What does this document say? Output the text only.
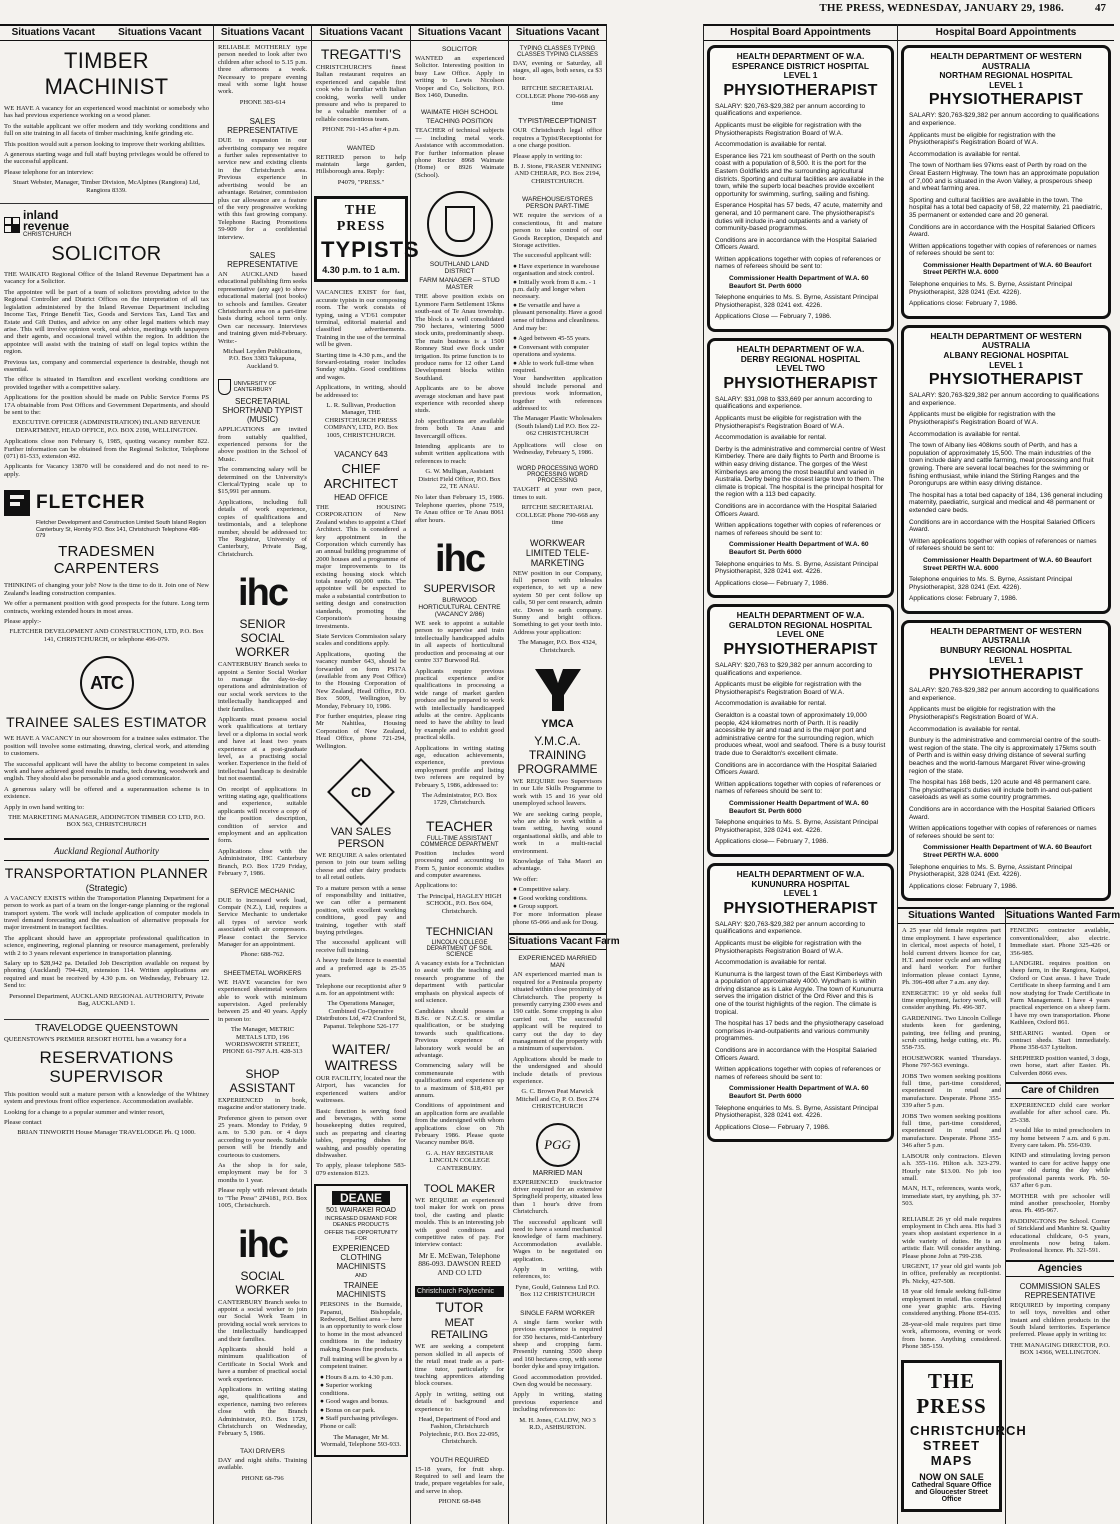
THE PRESS, WEDNESDAY, JANUARY 29, 1986.	47
Situations Vacant	Situations Vacant
TIMBER MACHINIST

WE HAVE A vacancy for an experienced wood machinist or somebody who has had previous experience working on a wood planer.

To the suitable applicant we offer modern and tidy working conditions and full on site training in all facets of timber machining, knife grinding etc.

This position would suit a person looking to improve their working abilities.

A generous starting wage and full staff buying privileges would be offered to the successful applicant.

Please telephone for an interview:

Stuart Webster, Manager, Timber Division, McAlpines (Rangiora) Ltd, Rangiora 8339.
inland
revenue
CHRISTCHURCH
SOLICITOR

THE WAIKATO Regional Office of the Inland Revenue Department has a vacancy for a Solicitor.

The appointee will be part of a team of solicitors providing advice to the Regional Controller and District Offices on the interpretation of all tax legislation administered by the Inland Revenue Department including Income Tax, Fringe Benefit Tax, Goods and Services Tax, Land Tax and Estate and Gift Duties, and advice on any other legal matters which may arise. This will involve opinion work, oral advice, meetings with taxpayers and their agents, and occasional travel within the region. In addition the appointee will assist with the training of staff on legal topics within the region.

Previous tax, company and commercial experience is desirable, though not essential.

The office is situated in Hamilton and excellent working conditions are provided together with a competitive salary.

Applications for the position should be made on Public Service Forms PS 17A obtainable from Post Offices and Government Departments, and should be sent to the:

EXECUTIVE OFFICER (ADMINISTRATION) INLAND REVENUE DEPARTMENT, HEAD OFFICE, P.O. BOX 2198, WELLINGTON.

Applications close non February 6, 1985, quoting vacancy number 822. Further information can be obtained from the Regional Solicitor, Telephone (071) 81-533, extension 492.

Applicants for Vacancy 13870 will be considered and do not need to re-apply.

FLETCHER
Fletcher Development and Construction Limited South Island Region Canterbury St, Hornby P.O. Box 141, Christchurch Telephone 496-079
TRADESMEN CARPENTERS

THINKING of changing your job? Now is the time to do it. Join one of New Zealand's leading construction companies.

We offer a permanent position with good prospects for the future. Long term contracts, working extended hours in most areas.

Please apply:-

FLETCHER DEVELOPMENT AND CONSTRUCTION, LTD, P.O. Box 141, CHRISTCHURCH, or telephone 496-079.
ATC
TRAINEE SALES ESTIMATOR

WE HAVE A VACANCY in our showroom for a trainee sales estimator. The position will involve some estimating, drawing, clerical work, and attending to customers.

The successful applicant will have the ability to become competent in sales work and have achieved good results in maths, tech drawing, woodwork and english. They should also be personable and a good communicator.

A generous salary will be offered and a superannuation scheme is in existence.

Apply in own hand writing to:

THE MARKETING MANAGER, ADDINGTON TIMBER CO LTD, P.O. BOX 563, CHRISTCHURCH
Auckland Regional Authority
TRANSPORTATION PLANNER
(Strategic)

A VACANCY EXISTS within the Transportation Planning Department for a person to work as part of a team on the longer-range planning or the regional transport system. The work will include application of computer models in travel demand forecasting and the evaluation of alternative proposals for major investment in transport facilities.

The applicant should have an appropriate professional qualification in science, engineering, regional planning or resource management, preferably with 2 to 3 years relevant experience in transportation planning.

Salary up to $28,942 pa. Detailed Job Description available on request by phoning (Auckland) 794-420, extension 114. Written applications are required and must be received by 4.30 p.m. on Wednesday, February 12. Send to:

Personnel Department, AUCKLAND REGIONAL AUTHORITY, Private Bag, AUCKLAND 1.
TRAVELODGE QUEENSTOWN

QUEENSTOWN'S PREMIER RESORT HOTEL has a vacancy for a

RESERVATIONS SUPERVISOR

This position would suit a mature person with a knowledge of the Whitney system and previous front office experience. Accommodation available.

Looking for a change to a popular summer and winter resort,

Please contact

BRIAN TINWORTH House Manager TRAVELODGE Ph. Q 1000.
Situations Vacant

RELIABLE MOTHERLY type person needed to look after two children after school to 5.15 p.m. three afternoons a week. Necessary to prepare evening meal with some light house work.

PHONE 383-614
SALES REPRESENTATIVE

DUE to expansion in our advertising company we require a further sales representative to service new and existing clients in the Christchurch area. Previous experience in advertising would be an advantage. Retainer, commission plus car allowance are a feature of the very progressive working with this fast growing company. Telephone Racing Promotions 59-909 for a confidential interview.

SALES REPRESENTATIVE

AN AUCKLAND based educational publishing firm seeks representative (any age) to show educational material (not books) to schools and families. Greater Christchurch area on a part-time basis during school term only. Own car necessary. Interviews and training given mid-February. Write:-

Michael Leyden Publications, P.O. Box 3383 Takapuna, Auckland 9.
UNIVERSITY OF CANTERBURY
SECRETARIAL SHORTHAND TYPIST (MUSIC)

APPLICATIONS are invited from suitably qualified, experienced persons for the above position in the School of Music.

The commencing salary will be determined on the University's Clerical/Typing scale up to $15,991 per annum.

Applications, including full details of work experience, copies of qualifications and testimonials, and a telephone number, should be addressed to: The Registrar, University of Canterbury, Private Bag, Christchurch.

ihc
SENIOR SOCIAL WORKER

CANTERBURY Branch seeks to appoint a Senior Social Worker to manage the day-to-day operations and administration of our social work services to the intellectually handicapped and their families.

Applicants must possess social work qualifications at tertiary level or a diploma in social work and have at least two years experience at a post-graduate level, as a practising social worker. Experience in the field of intellectual handicap is desirable but not essential.

On receipt of applications in writing stating age, qualifications and experience, suitable applicants will receive a copy of the position description, condition of service and employment and an application form.

Applications close with the Administrator, IHC Canterbury Branch, P.O. Box 1729 Friday, February 7, 1986.

SERVICE MECHANIC

DUE to increased work load, Compair (N.Z.), Ltd, requires a Service Mechanic to undertake all types of service work associated with air compressors. Please contact the Service Manager for an appointment.

Phone: 688-762.
SHEETMETAL WORKERS

WE HAVE vacancies for two experienced sheetmetal workers able to work with minimum supervision. Aged preferably between 25 and 40 years. Apply in person to:

The Manager, METRIC METALS LTD, 196 WORDSWORTH STREET, PHONE 61-797 A.H. 428-313
SHOP ASSISTANT

EXPERIENCED in book, magazine and/or stationery trade.

Preference given to person over 25 years. Monday to Friday, 9 a.m. to 5.30 p.m. or 4 days according to your needs. Suitable person will be friendly and courteous to customers.

As the shop is for sale, employment may be for 3 months to 1 year.

Please reply with relevant details to "The Press" 2P4181, P.O. Box 1005, Christchurch.

ihc
SOCIAL WORKER

CANTERBURY Branch seeks to appoint a social worker to join our Social Work Team in providing social work services to the intellectually handicapped and their families.

Applicants should hold a minimum qualification of Certificate in Social Work and have a number of practical social work experience.

Applications in writing stating age, qualifications and experience, naming two referees close with the Branch Administrator, P.O. Box 1729, Christchurch on Wednesday, February 5, 1986.

TAXI DRIVERS

DAY and night shifts. Training available.

PHONE 68-796
Situations Vacant
TREGATTI'S

CHRISTCHURCH'S finest Italian restaurant requires an experienced and capable first cook who is familiar with Italian cooking, works well under pressure and who is prepared to be a valuable member of a reliable conscientious team.

PHONE 791-145 after 4 p.m.
WANTED

RETIRED person to help maintain large garden, Hillsborough area. Reply:

P4079, "PRESS."
THE PRESS
TYPISTS
4.30 p.m. to 1 a.m.

VACANCIES EXIST for fast, accurate typists in our composing room. The work consists of typing, using a VT/61 computer terminal, editorial material and classified advertisements. Training in the use of the terminal will be given.

Starting time is 4.30 p.m., and the forward-rotating roster includes Sunday nights. Good conditions and wages.

Applications, in writing, should be addressed to:

L. R. Sullivan, Production Manager, THE CHRISTCHURCH PRESS COMPANY, LTD, P.O. Box 1005, CHRISTCHURCH.
VACANCY 643
CHIEF ARCHITECT
HEAD OFFICE

THE HOUSING CORPORATION of New Zealand wishes to appoint a Chief Architect. This is considered a key appointment in the Corporation which currently has an annual building programme of 2000 houses and a programme of major improvements to its existing housing stock which totals nearly 60,000 units. The appointee will be expected to make a substantial contribution to setting design and construction standards, promoting the Corporation's housing investments.

State Services Commission salary scales and conditions apply.

Applications, quoting the vacancy number 643, should be forwarded on form PS17A (available from any Post Office) to the Housing Corporation of New Zealand, Head Office, P.O. Box 5009, Wellington, by Monday, February 10, 1986.

For further enquiries, please ring Mr Nahitlea, Housing Corporation of New Zealand, Head Office, phone 721-294, Wellington.

CD
VAN SALES PERSON

WE REQUIRE A sales orientated person to join our team selling cheese and other dairy products to all retail outlets.

To a mature person with a sense of responsibility and initiative, we can offer a permanent position, with excellent working conditions, good pay and training, together with staff buying privileges.

The successful applicant will receive full training.

A heavy trade licence is essential and a preferred age is 25-35 years.

Telephone our receptionist after 9 a.m. for an appointment with:

The Operations Manager, Combined Co-Operative Distributors Ltd, 472 Cranford St, Papanui. Telephone 526-177
WAITER/ WAITRESS

OUR FACILITY, located near the Airport, has vacancies for experienced waiters and/or waitresses.

Basic function is serving food and beverages, with some housekeeping duties required, such as preparing and clearing tables, preparing dishes for washing, and possibly operating dishwasher.

To apply, please telephone 583-079 extension 8123.

DEANE
501 WAIRAKEI ROAD
INCREASED DEMAND FOR DEANES PRODUCTS
OFFER THE OPPORTUNITY FOR
EXPERIENCED CLOTHING MACHINISTS
AND
TRAINEE MACHINISTS

PERSONS in the Burnside, Papanui, Bishopdale, Redwood, Belfast area — here is an opportunity to work close to home in the most advanced conditions in the industry making Deanes fine products.

Full training will be given by a competent trainer.

● Hours 8 a.m. to 4.30 p.m.
● Superior working conditions.
● Good wages and bonus.
● Bonus on car park.
● Staff purchasing privileges.

Phone or call:

The Manager, Mr M. Wormald, Telephone 593-933.
Situations Vacant
SOLICITOR

WANTED an experienced Solicitor. Interesting position in busy Law Office. Apply in writing to Lewis Nicolson Vooper and Co, Solicitors, P.O. Box 1460, Dunedin.

WAIMATE HIGH SCHOOL
TEACHING POSITION

TEACHER of technical subjects — including metal work. Assistance with accommodation. For further information please phone Rector 8968 Waimate (Home) or 8926 Waimate (School).

SOUTHLAND LAND DISTRICT
FARM MANAGER — STUD MASTER

THE above position exists on Lynmore Farm Settlement 15kms south-east of Te Anau township. The block is a well consolidated 790 hectares, wintering 5000 stock units, predominantly sheep. The main business is a 1500 Romney Stud ewe flock under irrigation. Its prime function is to produce rams for 12 other Land Development blocks within Southland.

Applicants are to be above average stockman and have past experience with recorded sheep studs.

Job specifications are available from both Te Anau and Invercargill offices.

Intending applicants are to submit written applications with references to reach:

G. W. Mulligan, Assistant District Field Officer, P.O. Box 22, TE ANAU.

No later than February 15, 1986. Telephone queries, phone 7519, Te Anau office or Te Anau 8061 after hours.

ihc
SUPERVISOR
BURWOOD HORTICULTURAL CENTRE (VACANCY 2/86)

WE seek to appoint a suitable person to supervise and train intellectually handicapped adults in all aspects of horticultural production and processing at our centre 337 Burwood Rd.

Applicants require previous practical experience and/or qualifications in processing a wide range of market garden produce and be prepared to work with intellectually handicapped adults at the centre. Applicants need to have the ability to lead by example and to exhibit good practical skills.

Applications in writing stating age, education achievements, experience, previous employment profile and listing two referees are required by February 5, 1986, addressed to:

The Administrator, P.O. Box 1729, Christchurch.
TEACHER
FULL-TIME ASSISTANT COMMERCE DEPARTMENT

Position includes word processing and accounting to Form 5, junior economic studies and computer awareness.

Applications to:

The Principal, HAGLEY HIGH SCHOOL, P.O. Box 604, Christchurch.
TECHNICIAN
LINCOLN COLLEGE DEPARTMENT OF SOIL SCIENCE

A vacancy exists for a Technician to assist with the teaching and research programme of the department with particular emphasis on physical aspects of soil science.

Candidates should possess a B.Sc. or N.Z.C.S. or similar qualification, or be studying towards such qualifications. Previous experience of laboratory work would be an advantage.

Commencing salary will be commensurate with qualifications and experience up to a maximum of $18,491 per annum.

Conditions of appointment and an application form are available from the undersigned with whom applications close on 7th February 1986. Please quote Vacancy number 86/8.

G. A. HAY REGISTRAR LINCOLN COLLEGE CANTERBURY.
TOOL MAKER

WE REQUIRE an experienced tool maker for work on press tool, die casting and plastic moulds. This is an interesting job with good conditions and competitive rates of pay. For interview contact:

Mr E. McEwan, Telephone 886-093. DAWSON REED AND CO LTD
Christchurch Polytechnic
TUTOR
MEAT RETAILING

WE are seeking a competent person skilled in all aspects of the retail meat trade as a part-time tutor, particularly for teaching apprentices attending block courses.

Apply in writing, setting out details of background and experience to:

Head, Department of Food and Fashion, Christchurch Polytechnic, P.O. Box 22-095, Christchurch.
YOUTH REQUIRED

15-18 years, for fruit shop. Required to sell and learn the trade, prepare vegetables for sale, and serve in shop.

PHONE 68-848
Situations Vacant
TYPING CLASSES TYPING CLASSES TYPING CLASSES

DAY, evening or Saturday, all stages, all ages, both sexes, ca $3 hour.

RITCHIE SECRETARIAL COLLEGE Phone 790-668 any time
TYPIST/RECEPTIONIST

OUR Christchurch legal office requires a Typist/Receptionist for a one charge position.

Please apply in writing to:

B. J. Stone, FRASER VENNING AND CHERAR, P.O. Box 2194, CHRISTCHURCH.
WAREHOUSE/STORES PERSON PART-TIME

WE require the services of a conscientious, fit and mature person to take control of our Goods Reception, Despatch and Storage activities.

The successful applicant will:

● Have experience in warehouse organisation and stock control.
● Initially work from 8 a.m. - 1 p.m. daily and longer when necessary.
● Be versatile and have a pleasant personality. Have a good sense of tidiness and cleanliness.

And may be:

● Aged between 45-55 years.
● Conversant with computer operations and systems.
● Able to work full-time when required.

Your handwritten application should include personal and previous work information, together with references addressed to:

The Manager Plastic Wholesalers (South Island) Ltd P.O. Box 22-062 CHRISTCHURCH

Applications will close on Wednesday, February 5, 1986.

WORD PROCESSING WORD PROCESSING WORD PROCESSING

TAUGHT at your own pace, times to suit.

RITCHIE SECRETARIAL COLLEGE Phone 790-668 any time
WORKWEAR LIMITED TELE-MARKETING

NEW position in our Company, full person with telesales experience, to set up a new system 50 per cent follow up calls, 50 per cent research, admin etc. Down to earth company. Sunny and bright offices. Something to get your teeth into. Address your application:

The Manager, P.O. Box 4324, Christchurch.
YMCA
Y.M.C.A. TRAINING PROGRAMME

WE REQUIRE two Supervisors in our Life Skills Programme to work with 15 and 16 year old unemployed school leavers.

We are seeking caring people, who are able to work within a team setting, having sound organisational skills, and able to work in a multi-racial environment.

Knowledge of Taha Maori an advantage.

We offer:

● Competitive salary.
● Good working conditions.
● Group support.

For more information please phone 65-066 and ask for Doug.

Situations Vacant Farm
EXPERIENCED MARRIED MAN

AN experienced married man is required for a Peninsula property situated within close proximity of Christchurch. The property is presently carrying 2300 ewes and 190 cattle. Some cropping is also carried out. The successful applicant will be required to carry out the day to day management of the property with a minimum of supervision.

Applications should be made to the undersigned and should include details of previous experience.

G. C. Brown Peat Marwick Mitchell and Co, P. O. Box 274 CHRISTCHURCH
PGG
MARRIED MAN

EXPERIENCED truck/tractor driver required for an extensive Springfield property, situated less than 1 hour's drive from Christchurch.

The successful applicant will need to have a sound mechanical knowledge of farm machinery. Accommodation available. Wages to be negotiated on application.

Apply in writing, with references, to:

Fyne, Gould, Guinness Ltd P.O. Box 112 CHRISTCHURCH
SINGLE FARM WORKER

A single farm worker with previous experience is required for 350 hectares, mid-Canterbury sheep and cropping farm. Presently running 3500 sheep and 160 hectares crop, with some border dyke and spray irrigation.

Good accommodation provided. Own dog would be necessary.

Apply in writing, stating previous experience and including references to:

M. H. Jones, CALDW, NO 3 R.D., ASHBURTON.
Hospital Board Appointments
HEALTH DEPARTMENT OF W.A.
ESPERANCE DISTRICT HOSPITAL
LEVEL 1
PHYSIOTHERAPIST

SALARY: $20,763-$29,382 per annum according to qualifications and experience.

Applicants must be eligible for registration with the Physiotherapists Registration Board of W.A.

Accommodation is available for rental.

Esperance lies 721 km southeast of Perth on the south coast with a population of 8,500. It is the port for the Eastern Goldfields and the surrounding agricultural districts. Sporting and cultural facilities are available in the town, while the superb local beaches provide excellent opportunity for swimming, surfing, sailing and fishing.

Esperance Hospital has 57 beds, 47 acute, maternity and general, and 10 permanent care. The physiotherapist's duties will include in-and outpatients and a variety of community-based programmes.

Conditions are in accordance with the Hospital Salaried Officers Award.

Written applications together with copies of references or names of referees should be sent to:

Commissioner Health Department of W.A. 60 Beaufort St. Perth 6000

Telephone enquiries to Ms. S. Byrne, Assistant Principal Physiotherapist, 328 0241 ext. 4226.

Applications Close — February 7, 1986.

HEALTH DEPARTMENT OF W.A.
DERBY REGIONAL HOSPITAL
LEVEL TWO
PHYSIOTHERAPIST

SALARY: $31,098 to $33,669 per annum according to qualifications and experience.

Applicants must be eligible for registration with the Physiotherapist's Registration Board of W.A.

Accommodation is available for rental.

Derby is the administrative and commercial centre of West Kimberley. There are daily flights to Perth and Broome is within easy driving distance. The gorges of the West Kimberleys are among the most beautiful and varied in Australia. Derby being the closest large town to them. The climate is tropical. The hospital is the principal hospital for the region with a 113 bed capacity.

Conditions are in accordance with the Hospital Salaried Officers Award.

Written applications together with copies of references or names of referees should be sent to:

Commissioner Health Department of W.A. 60 Beaufort St. Perth 6000

Telephone enquiries to Ms. S. Byrne, Assistant Principal Physiotherapist, 328 0241 ext. 4226.

Applications close— February 7, 1986.

HEALTH DEPARTMENT OF W.A.
GERALDTON REGIONAL HOSPITAL
LEVEL ONE
PHYSIOTHERAPIST

SALARY: $20,763 to $29,382 per annum according to qualifications and experience.

Applicants must be eligible for registration with the Physiotherapist's Registration Board of W.A.

Accommodation is available for rental.

Geraldton is a coastal town of approximately 19,000 people, 424 kilometres north of Perth. It is readily accessible by air and road and is the major port and administrative centre for the surrounding region, which produces wheat, wool and seafood. There is a busy tourist trade due to Geraldton's excellent climate.

Conditions are in accordance with the Hospital Salaried Officers Award.

Written applications together with copies of references or names of referees should be sent to:

Commissioner Health Department of W.A. 60 Beaufort St. Perth 6000

Telephone enquiries to Ms. S. Byrne, Assistant Principal Physiotherapist, 328 0241 ext. 4226.

Applications close— February 7, 1986.

HEALTH DEPARTMENT OF W.A.
KUNUNURRA HOSPITAL
LEVEL 1
PHYSIOTHERAPIST

SALARY: $20,763-$29,382 per annum according to qualifications and experience.

Applicants must be eligible for registration with the Physiotherapists Registration Board of W.A.

Accommodation is available for rental.

Kununurra is the largest town of the East Kimberleys with a population of approximately 4000. Wyndham is within driving distance as is Lake Argyle. The town of Kununurra serves the irrigation district of the Ord River and this is one of the tourist highlights of the region. The climate is tropical.

The hospital has 17 beds and the physiotherapy caseload comprises in-and-outpatients and various community programmes.

Conditions are in accordance with the Hospital Salaried Officers Award.

Written applications together with copies of references or names of referees should be sent to:

Commissioner Health Department of W.A. 60 Beaufort St. Perth 6000

Telephone enquiries to Ms. S. Byrne, Assistant Principal Physiotherapist, 328 0241 ext. 4226.

Applications Close— February 7, 1986.

Hospital Board Appointments
HEALTH DEPARTMENT OF WESTERN AUSTRALIA
NORTHAM REGIONAL HOSPITAL
LEVEL 1
PHYSIOTHERAPIST

SALARY: $20,763-$29,382 per annum according to qualifications and experience.

Applicants must be eligible for registration with the Physiotherapist's Registration Board of W.A.

Accommodation is available for rental.

The town of Northam lies 97kms east of Perth by road on the Great Eastern Highway. The town has an approximate population of 7,000 and is situated in the Avon Valley, a prosperous sheep and wheat farming area.

Sporting and cultural facilities are available in the town. The hospital has a total bed capacity of 58, 22 maternity, 21 paediatric, 35 permanent or extended care and 20 general.

Conditions are in accordance with the Hospital Salaried Officers Award.

Written applications together with copies of references or names of referees should be sent to:

Commissioner Health Department of W.A. 60 Beaufort Street PERTH W.A. 6000

Telephone enquiries to Ms. S. Byrne, Assistant Principal Physiotherapist, 328 0241 (Ext. 4226).

Applications close: February 7, 1986.

HEALTH DEPARTMENT OF WESTERN AUSTRALIA
ALBANY REGIONAL HOSPITAL
LEVEL 1
PHYSIOTHERAPIST

SALARY: $20,763-$29,382 per annum according to qualifications and experience.

Applicants must be eligible for registration with the Physiotherapist's Registration Board of W.A.

Accommodation is available for rental.

The town of Albany lies 408kms south of Perth, and has a population of approximately 15,500. The main industries of the town include dairy and cattle farming, meat processing and fruit growing. There are several local beaches for the swimming or fishing enthusiast, while inland the Stirling Ranges and the Porongurups are within easy driving distance.

The hospital has a total bed capacity of 184, 136 general including maternity, paediatric, surgical and medical and 48 permanent or extended care beds.

Conditions are in accordance with the Hospital Salaried Officers Award.

Written applications together with copies of references or names of referees should be sent to:

Commissioner Health Department of W.A. 60 Beaufort Street PERTH W.A. 6000

Telephone enquiries to Ms. S. Byrne, Assistant Principal Physiotherapist, 328 0241 (Ext. 4226).

Applications close: February 7, 1986.

HEALTH DEPARTMENT OF WESTERN AUSTRALIA
BUNBURY REGIONAL HOSPITAL
LEVEL 1
PHYSIOTHERAPIST

SALARY: $20,763-$29,382 per annum according to qualifications and experience.

Applicants must be eligible for registration with the Physiotherapist's Registration Board of W.A.

Accommodation is available for rental.

Bunbury is the administrative and commercial centre of the south-west region of the state. The city is approximately 175kms south of Perth and is within easy driving distance of several surfing beaches and the world-famous Margaret River wine-growing region of the state.

The hospital has 168 beds, 120 acute and 48 permanent care. The physiotherapist's duties will include both in-and out-patient caseloads as well as some country programmes.

Conditions are in accordance with the Hospital Salaried Officers Award.

Written applications together with copies of references or names of referees should be sent to:

Commissioner Health Department of W.A. 60 Beaufort Street PERTH W.A. 6000

Telephone enquiries to Ms. S. Byrne, Assistant Principal Physiotherapist, 328 0241 (Ext. 4226).

Applications close: February 7, 1986.

Situations Wanted

A 25 year old female requires part time employment. I have experience in clerical, most aspects of hotel, I hold current drivers licence for car, H.T. and motor cycle and am willing and hard worker. For further information please contact Lynne, Ph. 396-498 after 7 a.m. any day.

ENERGETIC 19 yr old seeks full time employment, factory work, will consider anything. Ph. 496-387.

GARDENING. Two Lincoln College students keen for gardening, painting, tree felling and pruning, scrub cutting, hedge cutting, etc. Ph. 558-735.

HOUSEWORK wanted Thursdays. Phone 797-563 evenings.

JOBS Two women seeking positions full time, part-time considered, experienced in retail and manufacture. Desperate. Phone 355-339 after 5 p.m.

JOBS Two women seeking positions full time, part-time considered, experienced in retail and manufacture. Desperate. Phone 355-346 after 5 p.m.

LABOUR only contractors. Eleven a.h. 355-116. Hilton a.h. 323-279. Hourly rate $13.00. No job too small.

MAN, H.T., references, wants work, immediate start, try anything, ph. 37-503.

RELIABLE 26 yr old male requires employment in Chch area. His had 3 years shop assistant experience in a wide variety of duties. He is an artistic flair. Will consider anything. Please phone John at 799-238.

URGENT, 17 year old girl wants job in office, preferably as receptionist. Ph. Nicky, 427-508.

18 year old female seeking full-time employment in retail. Has completed one year graphic arts. Having considered anything. Phone 854-035.

28-year-old male requires part time work, afternoons, evening or work from home. Anything considered. Phone 385-159.

THE PRESS
CHRISTCHURCH STREET MAPS
NOW ON SALE
Cathedral Square Office and Gloucester Street Office
Situations Wanted Farm

FENCING contractor available, conventional/deer, also electric. Immediate start. Phone 325-426 or 356-985.

LANDGIRL requires position on sheep farm, in the Rangiora, Kaipoi, Oxford or Cust areas. I have Trade Certificate in sheep farming and I am now studying for Trade Certificate in Farm Management. I have 4 years practical experience on a sheep farm. I have my own transportation. Phone Kathleen, Oxford 861.

SHEARING wanted. Open or contract sheds. Start immediately. Phone 358-637 Lyttelton.

SHEPHERD position wanted, 3 dogs, own horse, start after Easter. Ph. Culverden 8066 eves.

Care of Children

EXPERIENCED child care worker available for after school care. Ph. 25-338.

I would like to mind preschoolers in my home between 7 a.m. and 6 p.m. Every care taken. Ph. 556-039.

KIND and stimulating loving person wanted to care for active happy one year old during the day while professional parents work. Ph. 50-637 after 6 p.m.

MOTHER with pre schooler will mind another preschooler, Hornby area. Ph. 495-967.

PADDINGTONS Pre School. Corner of Strickland and Manhire St. Quality educational childcare, 0-5 years, enrolments now being taken. Professional licence. Ph. 321-591.

Agencies
COMMISSION SALES REPRESENTATIVE

REQUIRED by importing company to sell toys, novelties and other instant and children products in the South Island territories. Experience preferred. Please apply in writing to:

THE MANAGING DIRECTOR, P.O. BOX 14366, WELLINGTON.
